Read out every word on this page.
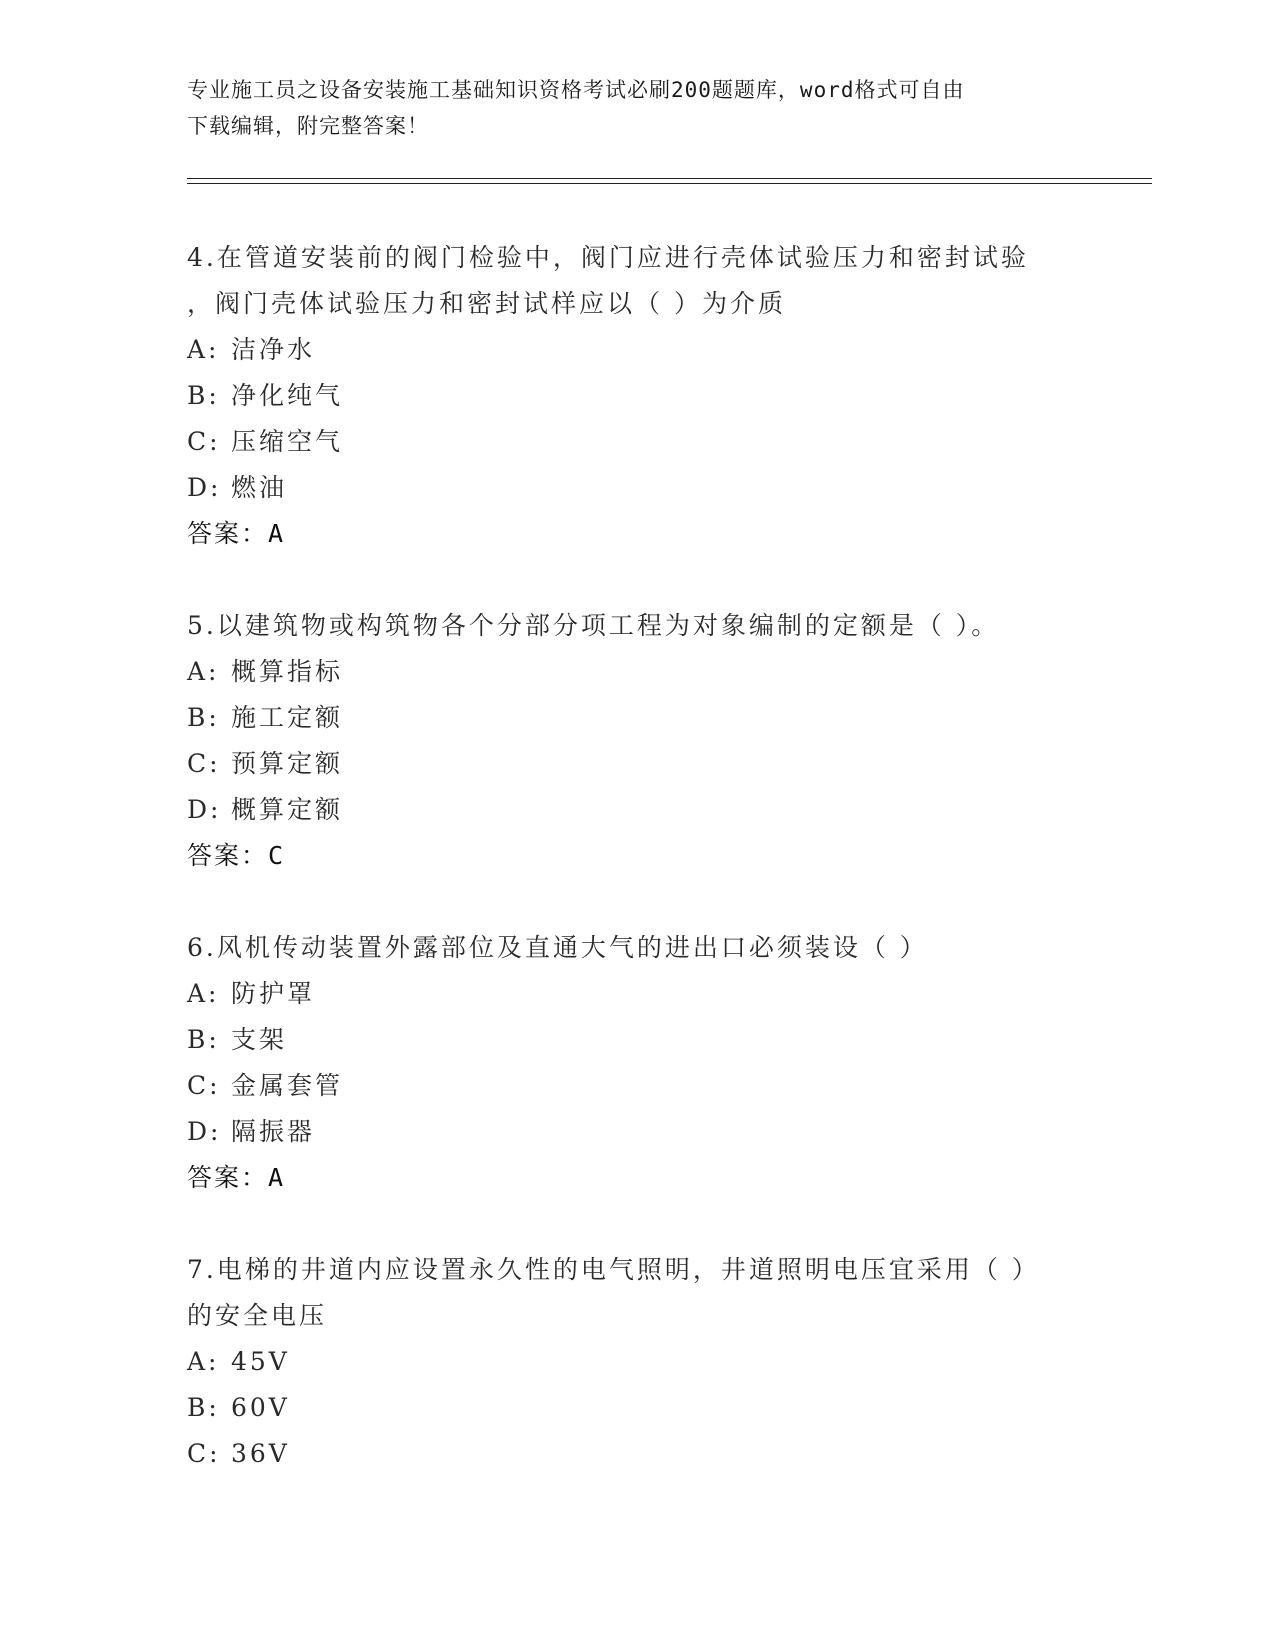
专业施工员之设备安装施工基础知识资格考试必刷200题题库，word格式可自由
下载编辑，附完整答案！
4.在管道安装前的阀门检验中，阀门应进行壳体试验压力和密封试验
，阀门壳体试验压力和密封试样应以（ ）为介质
A: 洁净水
B: 净化纯气
C: 压缩空气
D: 燃油
答案：A
5.以建筑物或构筑物各个分部分项工程为对象编制的定额是（ ）。
A: 概算指标
B: 施工定额
C: 预算定额
D: 概算定额
答案：C
6.风机传动装置外露部位及直通大气的进出口必须装设（ ）
A: 防护罩
B: 支架
C: 金属套管
D: 隔振器
答案：A
7.电梯的井道内应设置永久性的电气照明，井道照明电压宜采用（ ）
的安全电压
A: 45V
B: 60V
C: 36V
